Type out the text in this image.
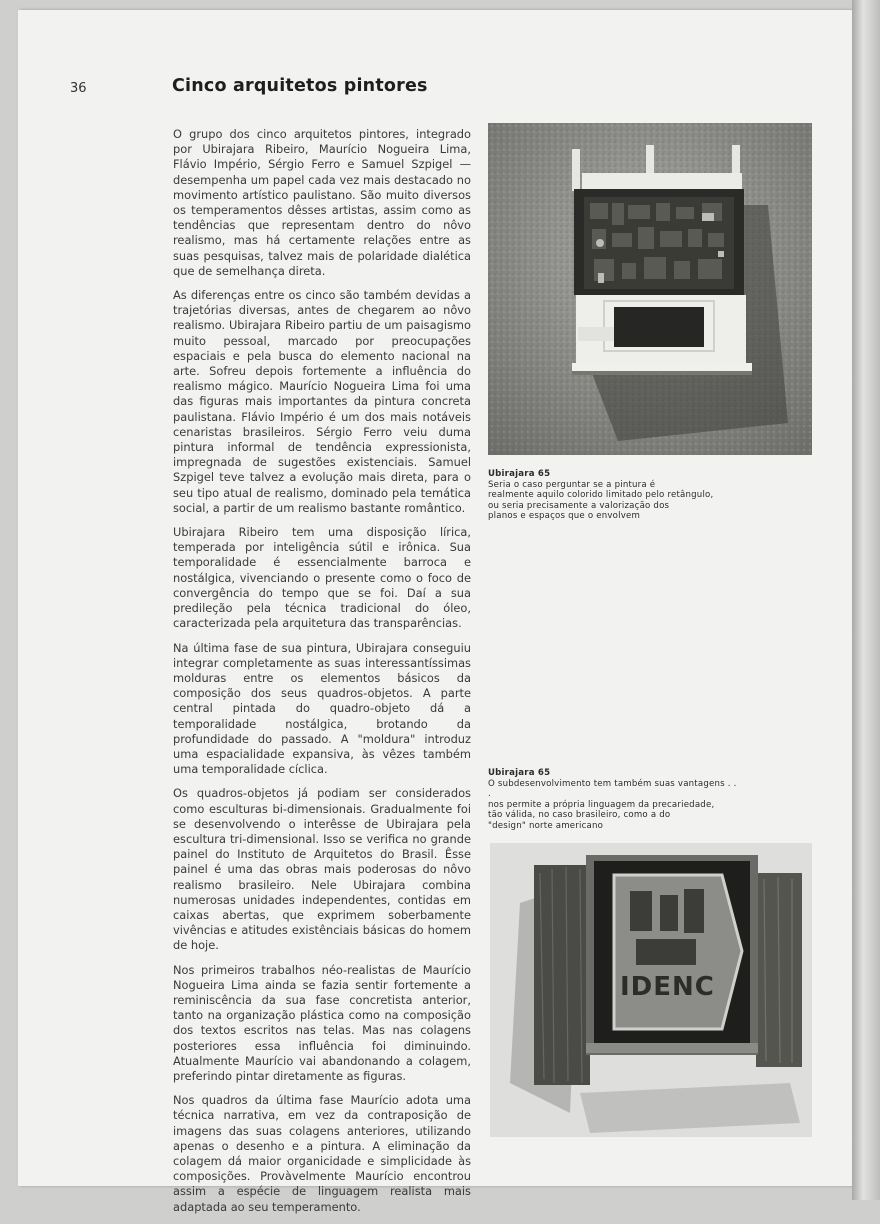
36	Cinco arquitetos pintores

O grupo dos cinco arquitetos pintores, integrado por Ubirajara Ribeiro, Maurício Nogueira Lima, Flávio Império, Sérgio Ferro e Samuel Szpigel — desempenha um papel cada vez mais destacado no movimento artístico paulistano. São muito diversos os temperamentos dêsses artistas, assim como as tendências que representam dentro do nôvo realismo, mas há certamente relações entre as suas pesquisas, talvez mais de polaridade dialética que de semelhança direta.

As diferenças entre os cinco são também devidas a trajetórias diversas, antes de chegarem ao nôvo realismo. Ubirajara Ribeiro partiu de um paisagismo muito pessoal, marcado por preocupações espaciais e pela busca do elemento nacional na arte. Sofreu depois fortemente a influência do realismo mágico. Maurício Nogueira Lima foi uma das figuras mais importantes da pintura concreta paulistana. Flávio Império é um dos mais notáveis cenaristas brasileiros. Sérgio Ferro veiu duma pintura informal de tendência expressionista, impregnada de sugestões existenciais. Samuel Szpigel teve talvez a evolução mais direta, para o seu tipo atual de realismo, dominado pela temática social, a partir de um realismo bastante romântico.

Ubirajara Ribeiro tem uma disposição lírica, temperada por inteligência sútil e irônica. Sua temporalidade é essencialmente barroca e nostálgica, vivenciando o presente como o foco de convergência do tempo que se foi. Daí a sua predileção pela técnica tradicional do óleo, caracterizada pela arquitetura das transparências.

Na última fase de sua pintura, Ubirajara conseguiu integrar completamente as suas interessantíssimas molduras entre os elementos básicos da composição dos seus quadros-objetos. A parte central pintada do quadro-objeto dá a temporalidade nostálgica, brotando da profundidade do passado. A "moldura" introduz uma espacialidade expansiva, às vêzes também uma temporalidade cíclica.

Os quadros-objetos já podiam ser considerados como esculturas bi-dimensionais. Gradualmente foi se desenvolvendo o interêsse de Ubirajara pela escultura tri-dimensional. Isso se verifica no grande painel do Instituto de Arquitetos do Brasil. Êsse painel é uma das obras mais poderosas do nôvo realismo brasileiro. Nele Ubirajara combina numerosas unidades independentes, contidas em caixas abertas, que exprimem soberbamente vivências e atitudes existênciais básicas do homem de hoje.

Nos primeiros trabalhos néo-realistas de Maurício Nogueira Lima ainda se fazia sentir fortemente a reminiscência da sua fase concretista anterior, tanto na organização plástica como na composição dos textos escritos nas telas. Mas nas colagens posteriores essa influência foi diminuindo. Atualmente Maurício vai abandonando a colagem, preferindo pintar diretamente as figuras.

Nos quadros da última fase Maurício adota uma técnica narrativa, em vez da contraposição de imagens das suas colagens anteriores, utilizando apenas o desenho e a pintura. A eliminação da colagem dá maior organicidade e simplicidade às composições. Provàvelmente Maurício encontrou assim a espécie de linguagem realista mais adaptada ao seu temperamento.

Ubirajara 65
Seria o caso perguntar se a pintura é
realmente aquilo colorido limitado pelo retângulo,
ou seria precisamente a valorização dos
planos e espaços que o envolvem
Ubirajara 65
O subdesenvolvimento tem também suas vantagens . . .
nos permite a própria linguagem da precariedade,
tão válida, no caso brasileiro, como a do
"design" norte americano
IDENC
